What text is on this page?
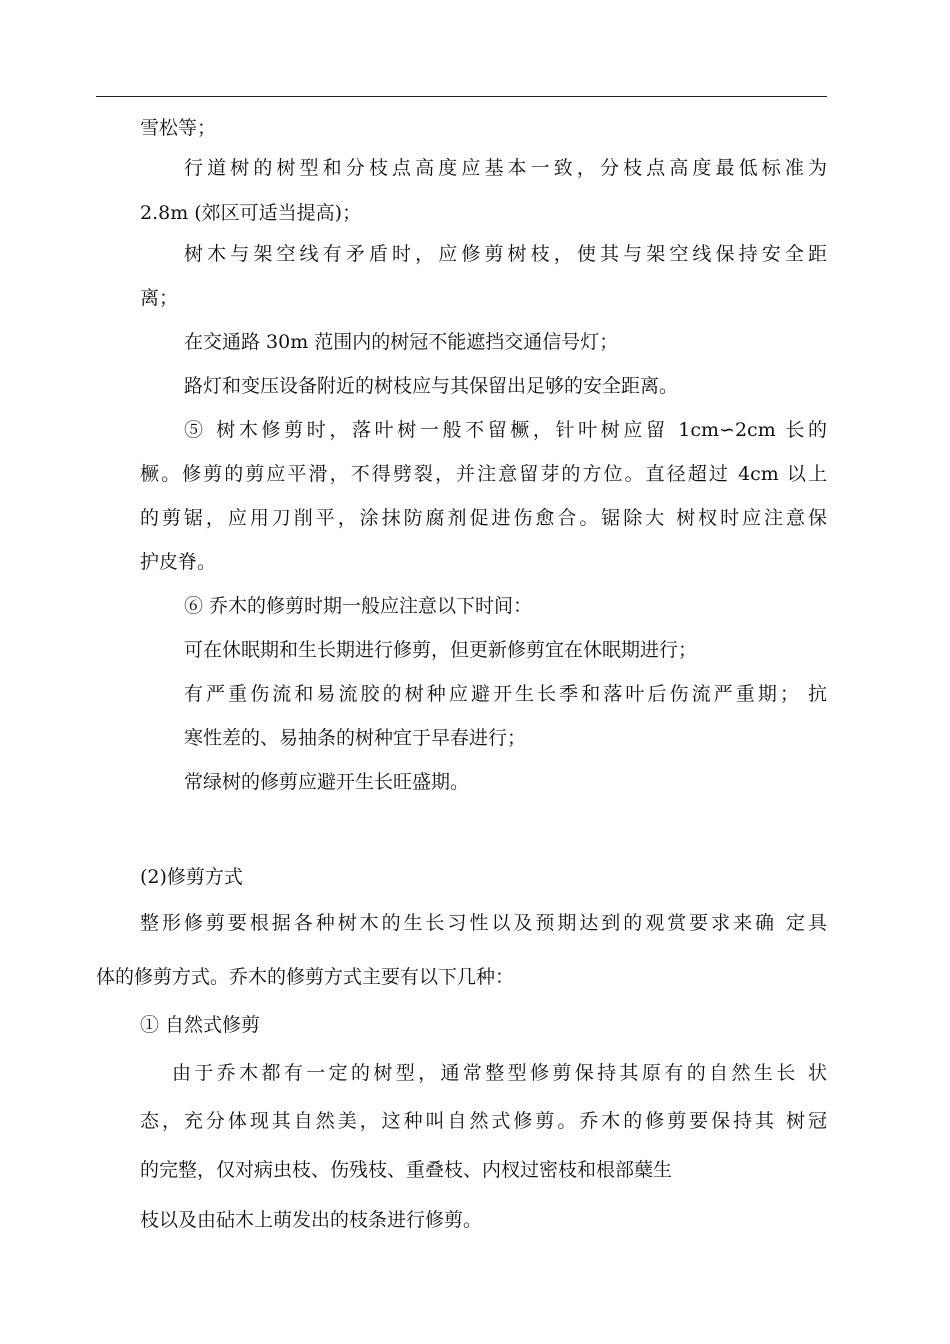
雪松等；
行道树的树型和分枝点高度应基本一致，分枝点高度最低标准为
2.8m (郊区可适当提高)；
树木与架空线有矛盾时，应修剪树枝，使其与架空线保持安全距
离；
在交通路 30m 范围内的树冠不能遮挡交通信号灯；
路灯和变压设备附近的树枝应与其保留出足够的安全距离。
⑤ 树木修剪时，落叶树一般不留橛，针叶树应留 1cm∽2cm 长的
橛。修剪的剪应平滑，不得劈裂，并注意留芽的方位。直径超过 4cm 以上
的剪锯，应用刀削平，涂抹防腐剂促进伤愈合。锯除大 树杈时应注意保
护皮脊。
⑥ 乔木的修剪时期一般应注意以下时间：
可在休眠期和生长期进行修剪，但更新修剪宜在休眠期进行；
有严重伤流和易流胶的树种应避开生长季和落叶后伤流严重期； 抗
寒性差的、易抽条的树种宜于早春进行；
常绿树的修剪应避开生长旺盛期。
(2)修剪方式
整形修剪要根据各种树木的生长习性以及预期达到的观赏要求来确 定具
体的修剪方式。乔木的修剪方式主要有以下几种：
① 自然式修剪
由于乔木都有一定的树型，通常整型修剪保持其原有的自然生长 状
态，充分体现其自然美，这种叫自然式修剪。乔木的修剪要保持其 树冠
的完整，仅对病虫枝、伤残枝、重叠枝、内杈过密枝和根部蘖生
枝以及由砧木上萌发出的枝条进行修剪。
